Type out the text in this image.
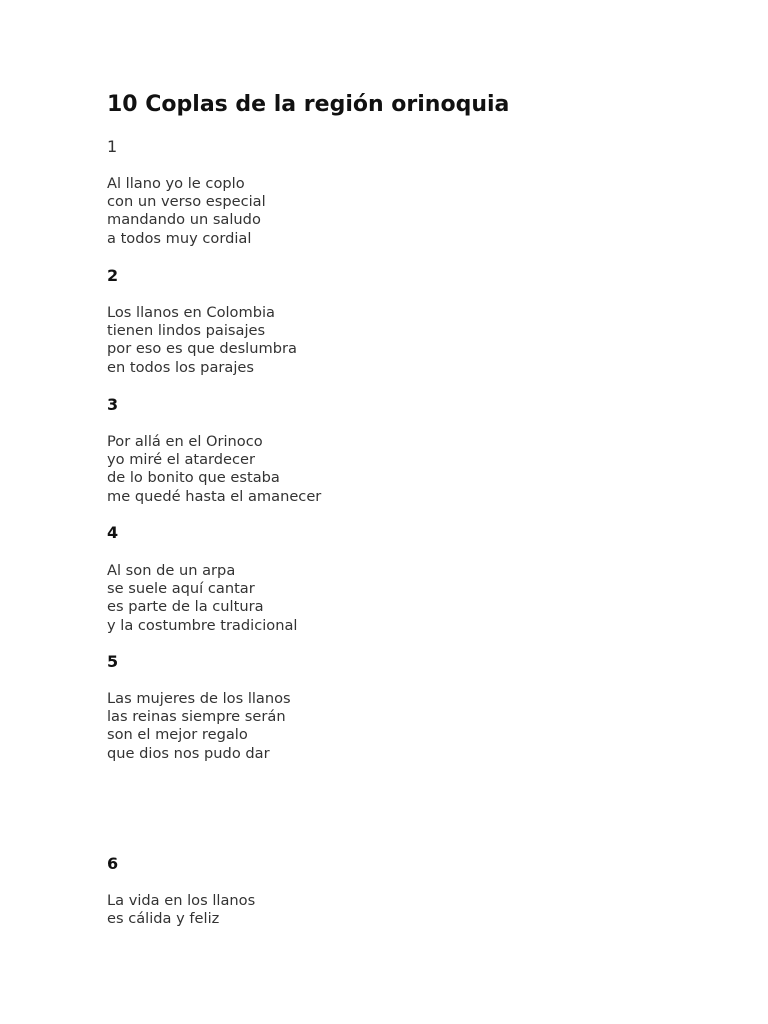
10 Coplas de la región orinoquia
1
Al llano yo le coplo
con un verso especial
mandando un saludo
a todos muy cordial
2
Los llanos en Colombia
tienen lindos paisajes
por eso es que deslumbra
en todos los parajes
3
Por allá en el Orinoco
yo miré el atardecer
de lo bonito que estaba
me quedé hasta el amanecer
4
Al son de un arpa
se suele aquí cantar
es parte de la cultura
y la costumbre tradicional
5
Las mujeres de los llanos
las reinas siempre serán
son el mejor regalo
que dios nos pudo dar
6
La vida en los llanos
es cálida y feliz
